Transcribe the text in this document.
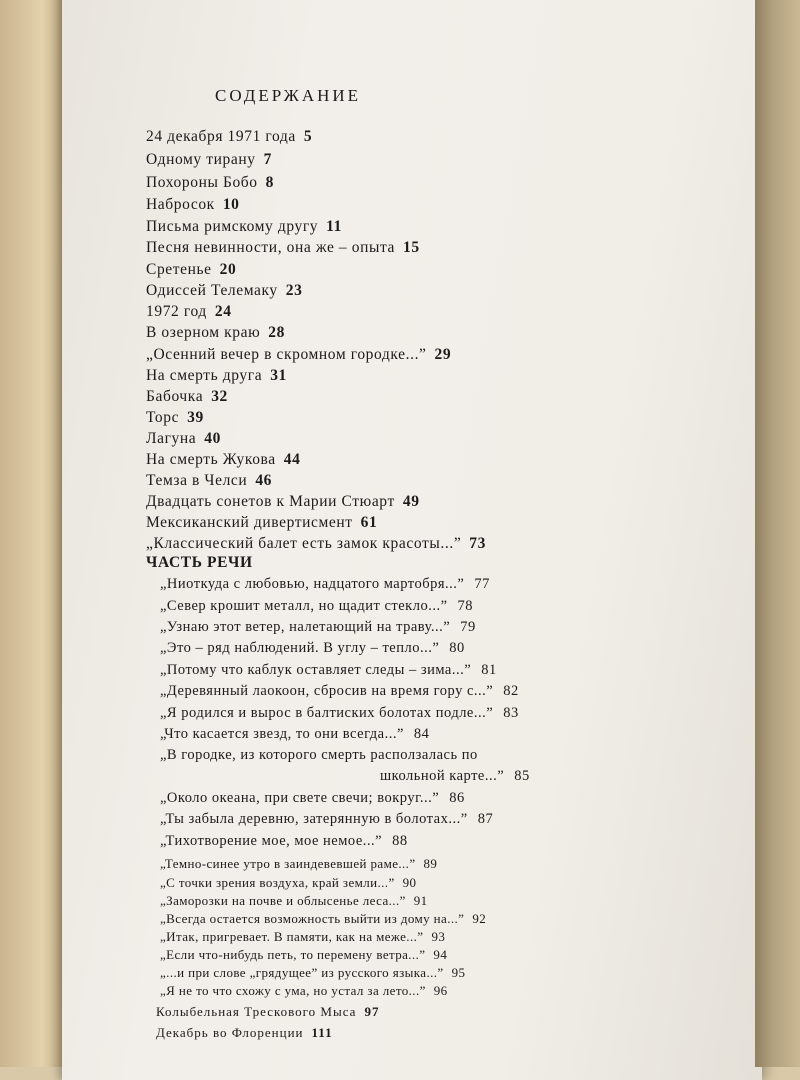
СОДЕРЖАНИЕ
24 декабря 1971 года 5
Одному тирану 7
Похороны Бобо 8
Набросок 10
Письма римскому другу 11
Песня невинности, она же – опыта 15
Сретенье 20
Одиссей Телемаку 23
1972 год 24
В озерном краю 28
„Осенний вечер в скромном городке...” 29
На смерть друга 31
Бабочка 32
Торс 39
Лагуна 40
На смерть Жукова 44
Темза в Челси 46
Двадцать сонетов к Марии Стюарт 49
Мексиканский дивертисмент 61
„Классический балет есть замок красоты...” 73
ЧАСТЬ РЕЧИ
„Ниоткуда с любовью, надцатого мартобря...” 77
„Север крошит металл, но щадит стекло...” 78
„Узнаю этот ветер, налетающий на траву...” 79
„Это – ряд наблюдений. В углу – тепло...” 80
„Потому что каблук оставляет следы – зима...” 81
„Деревянный лаокоон, сбросив на время гору с...” 82
„Я родился и вырос в балтиских болотах подле...” 83
„Что касается звезд, то они всегда...” 84
„В городке, из которого смерть расползалась по
школьной карте...” 85
„Около океана, при свете свечи; вокруг...” 86
„Ты забыла деревню, затерянную в болотах...” 87
„Тихотворение мое, мое немое...” 88
„Темно-синее утро в заиндевевшей раме...” 89
„С точки зрения воздуха, край земли...” 90
„Заморозки на почве и облысенье леса...” 91
„Всегда остается возможность выйти из дому на...” 92
„Итак, пригревает. В памяти, как на меже...” 93
„Если что-нибудь петь, то перемену ветра...” 94
„...и при слове „грядущее” из русского языка...” 95
„Я не то что схожу с ума, но устал за лето...” 96
Колыбельная Трескового Мыса 97
Декабрь во Флоренции 111
